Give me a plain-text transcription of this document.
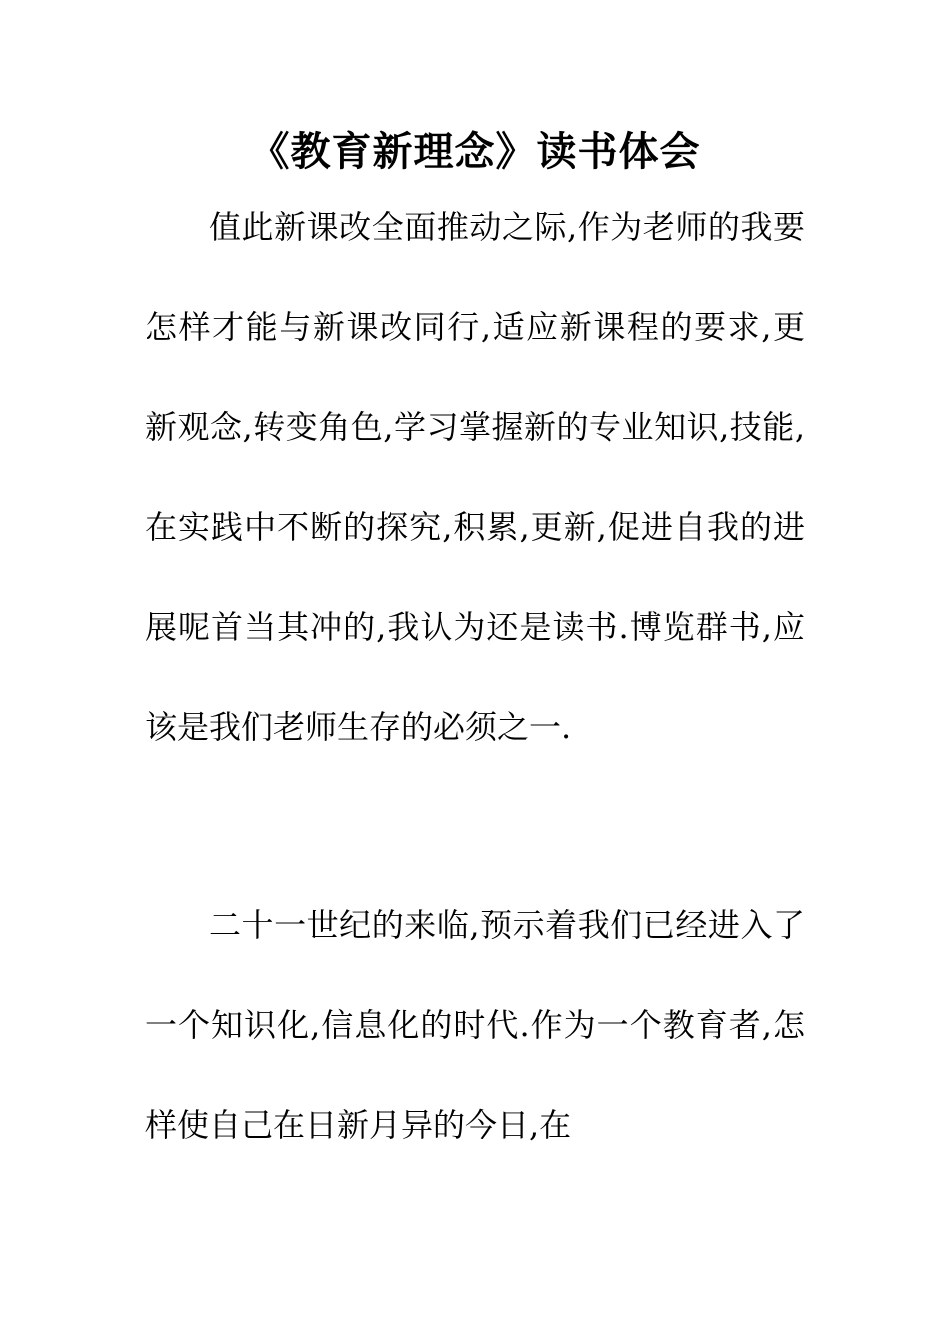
《教育新理念》读书体会

值此新课改全面推动之际,作为老师的我要怎样才能与新课改同行,适应新课程的要求,更新观念,转变角色,学习掌握新的专业知识,技能,在实践中不断的探究,积累,更新,促进自我的进展呢首当其冲的,我认为还是读书.博览群书,应该是我们老师生存的必须之一.

二十一世纪的来临,预示着我们已经进入了一个知识化,信息化的时代.作为一个教育者,怎样使自己在日新月异的今日,在
